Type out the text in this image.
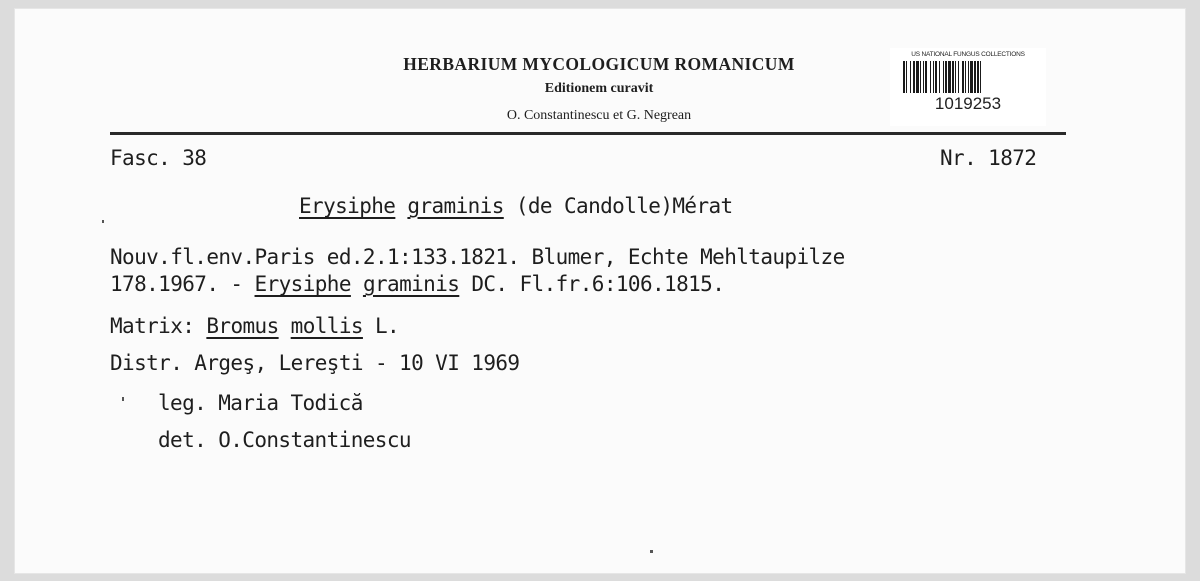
HERBARIUM MYCOLOGICUM ROMANICUM
Editionem curavit
O. Constantinescu et G. Negrean
US NATIONAL FUNGUS COLLECTIONS
1019253
Fasc. 38	Nr. 1872
Erysiphe graminis (de Candolle)Mérat
Nouv.fl.env.Paris ed.2.1:133.1821. Blumer, Echte Mehltaupilze
178.1967. - Erysiphe graminis DC. Fl.fr.6:106.1815.
Matrix: Bromus mollis L.
Distr. Argeş, Lereşti - 10 VI 1969
leg. Maria Todică
det. O.Constantinescu
